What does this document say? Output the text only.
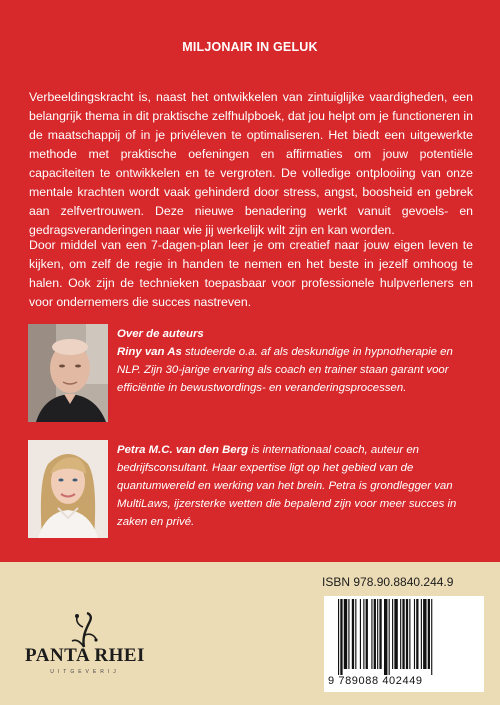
MILJONAIR IN GELUK

Verbeeldingskracht is, naast het ontwikkelen van zintuiglijke vaardigheden, een belangrijk thema in dit praktische zelfhulpboek, dat jou helpt om je functioneren in de maatschappij of in je privéleven te optimaliseren. Het biedt een uitgewerkte methode met praktische oefeningen en affirmaties om jouw potentiële capaciteiten te ontwikkelen en te vergroten. De volledige ontplooiing van onze mentale krachten wordt vaak gehinderd door stress, angst, boosheid en gebrek aan zelfvertrouwen. Deze nieuwe benadering werkt vanuit gevoels- en gedragsveranderingen naar wie jij werkelijk wilt zijn en kan worden.

Door middel van een 7-dagen-plan leer je om creatief naar jouw eigen leven te kijken, om zelf de regie in handen te nemen en het beste in jezelf omhoog te halen. Ook zijn de technieken toepasbaar voor professionele hulpverleners en voor ondernemers die succes nastreven.

Over de auteurs
Riny van As studeerde o.a. af als deskundige in hypnotherapie en NLP. Zijn 30-jarige ervaring als coach en trainer staan garant voor efficiëntie in bewustwordings- en veranderingsprocessen.
Petra M.C. van den Berg is internationaal coach, auteur en bedrijfsconsultant. Haar expertise ligt op het gebied van de quantumwereld en werking van het brein. Petra is grondlegger van MultiLaws, ijzersterke wetten die bepalend zijn voor meer succes in zaken en privé.
PANTA RHEI
UITGEVERIJ
ISBN 978.90.8840.244.9
9 789088 402449
